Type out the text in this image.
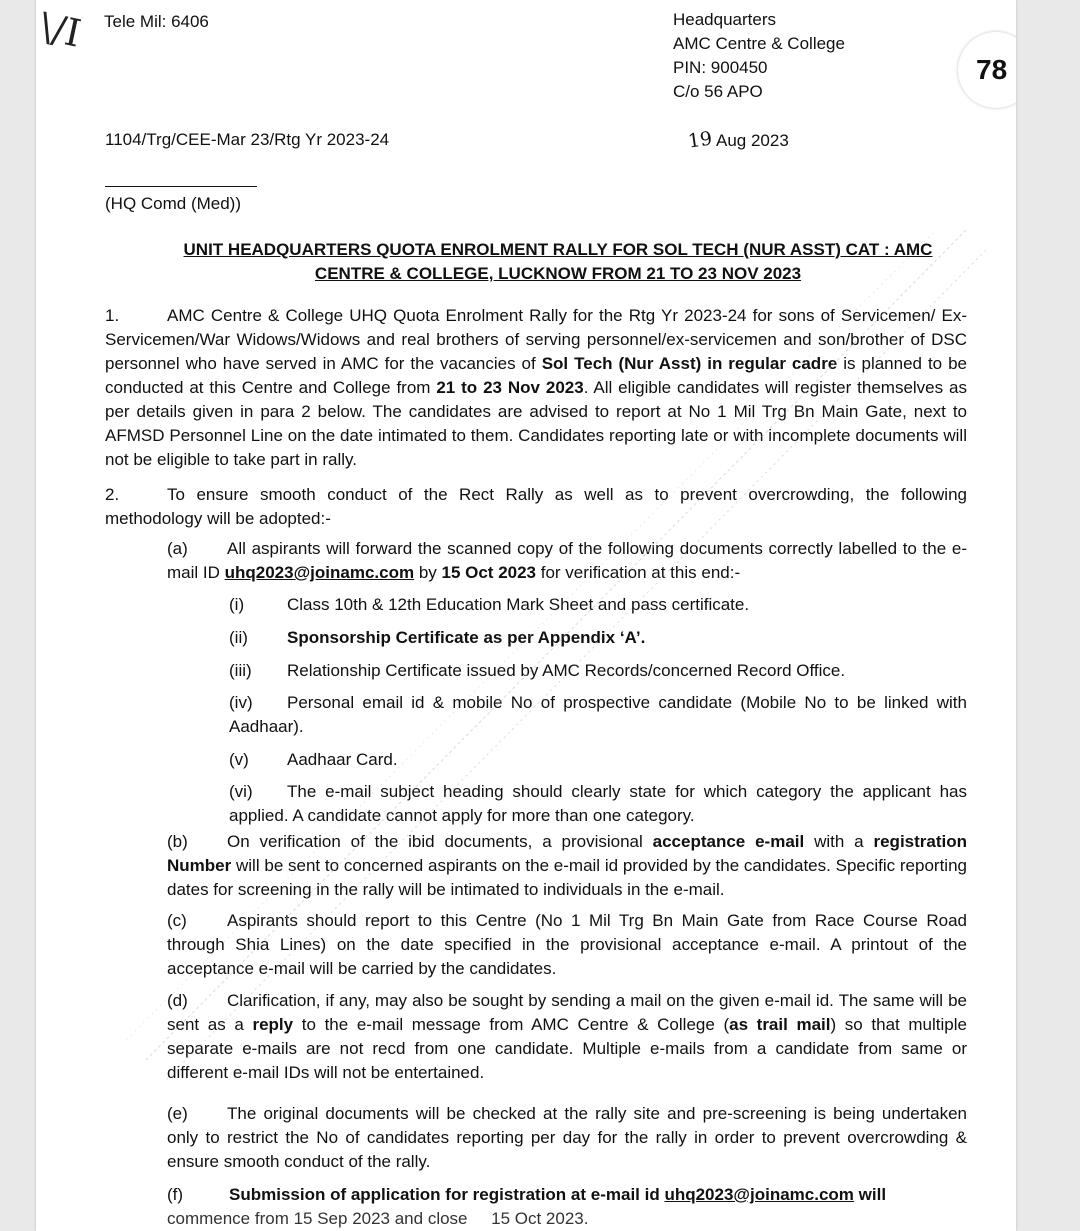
\/I Tele Mil: 6406	Headquarters
AMC Centre & College
PIN: 900450
C/o 56 APO
1104/Trg/CEE-Mar 23/Rtg Yr 2023-24	19 Aug 2023
(HQ Comd (Med))
UNIT HEADQUARTERS QUOTA ENROLMENT RALLY FOR SOL TECH (NUR ASST) CAT : AMC
CENTRE & COLLEGE, LUCKNOW FROM 21 TO 23 NOV 2023
1.	AMC Centre & College UHQ Quota Enrolment Rally for the Rtg Yr 2023-24 for sons of Servicemen/ Ex-Servicemen/War Widows/Widows and real brothers of serving personnel/ex-servicemen and son/brother of DSC personnel who have served in AMC for the vacancies of Sol Tech (Nur Asst) in regular cadre is planned to be conducted at this Centre and College from 21 to 23 Nov 2023. All eligible candidates will register themselves as per details given in para 2 below. The candidates are advised to report at No 1 Mil Trg Bn Main Gate, next to AFMSD Personnel Line on the date intimated to them. Candidates reporting late or with incomplete documents will not be eligible to take part in rally.
2.	To ensure smooth conduct of the Rect Rally as well as to prevent overcrowding, the following methodology will be adopted:-
(a)	All aspirants will forward the scanned copy of the following documents correctly labelled to the e-mail ID uhq2023@joinamc.com by 15 Oct 2023 for verification at this end:-
(i)	Class 10th & 12th Education Mark Sheet and pass certificate.
(ii) Sponsorship Certificate as per Appendix ‘A’.
(iii) Relationship Certificate issued by AMC Records/concerned Record Office.
(iv)	Personal email id & mobile No of prospective candidate (Mobile No to be linked with Aadhaar).
(v) Aadhaar Card.
(vi)	The e-mail subject heading should clearly state for which category the applicant has applied. A candidate cannot apply for more than one category.
(b)	On verification of the ibid documents, a provisional acceptance e-mail with a registration Number will be sent to concerned aspirants on the e-mail id provided by the candidates. Specific reporting dates for screening in the rally will be intimated to individuals in the e-mail.
(c)	Aspirants should report to this Centre (No 1 Mil Trg Bn Main Gate from Race Course Road through Shia Lines) on the date specified in the provisional acceptance e-mail. A printout of the acceptance e-mail will be carried by the candidates.
(d)	Clarification, if any, may also be sought by sending a mail on the given e-mail id. The same will be sent as a reply to the e-mail message from AMC Centre & College (as trail mail) so that multiple separate e-mails are not recd from one candidate. Multiple e-mails from a candidate from same or different e-mail IDs will not be entertained.
(e)	The original documents will be checked at the rally site and pre-screening is being undertaken only to restrict the No of candidates reporting per day for the rally in order to prevent overcrowding & ensure smooth conduct of the rally.
(f)	Submission of application for registration at e-mail id uhq2023@joinamc.com will
commence from 15 Sep 2023 and close     15 Oct 2023.
78
